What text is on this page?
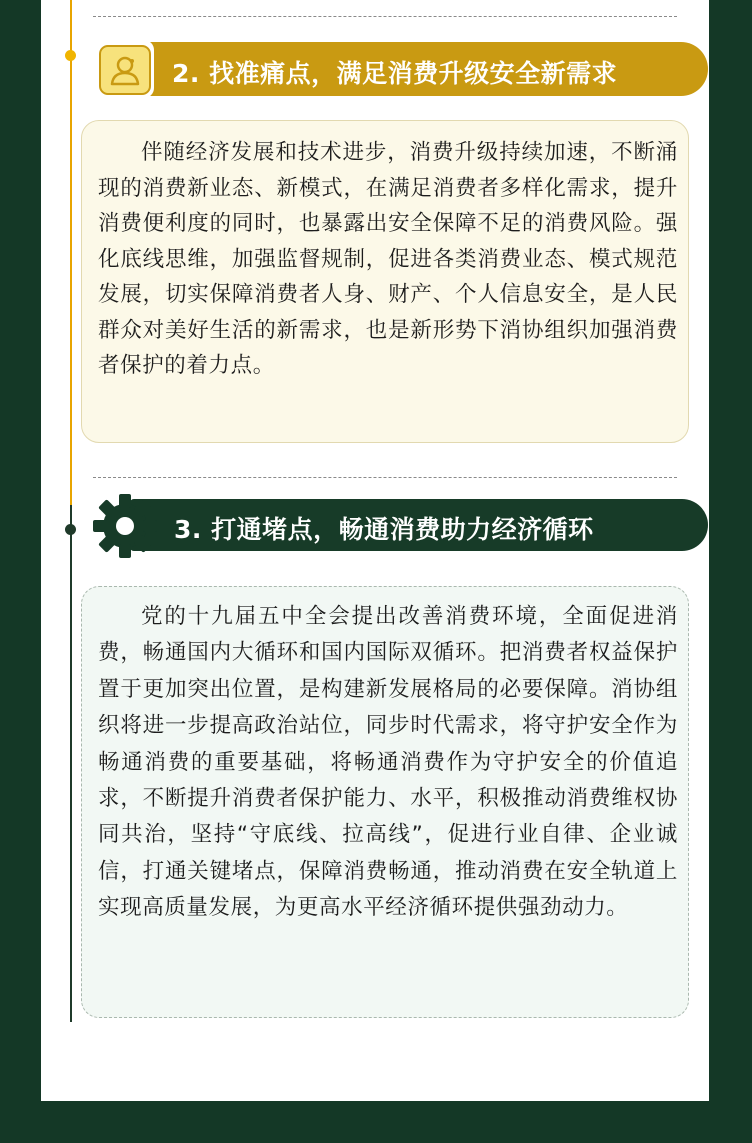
2. 找准痛点，满足消费升级安全新需求

伴随经济发展和技术进步，消费升级持续加速，不断涌现的消费新业态、新模式，在满足消费者多样化需求，提升消费便利度的同时，也暴露出安全保障不足的消费风险。强化底线思维，加强监督规制，促进各类消费业态、模式规范发展，切实保障消费者人身、财产、个人信息安全，是人民群众对美好生活的新需求，也是新形势下消协组织加强消费者保护的着力点。

3. 打通堵点，畅通消费助力经济循环

党的十九届五中全会提出改善消费环境，全面促进消费，畅通国内大循环和国内国际双循环。把消费者权益保护置于更加突出位置，是构建新发展格局的必要保障。消协组织将进一步提高政治站位，同步时代需求，将守护安全作为畅通消费的重要基础，将畅通消费作为守护安全的价值追求，不断提升消费者保护能力、水平，积极推动消费维权协同共治，坚持“守底线、拉高线”，促进行业自律、企业诚信，打通关键堵点，保障消费畅通，推动消费在安全轨道上实现高质量发展，为更高水平经济循环提供强劲动力。
